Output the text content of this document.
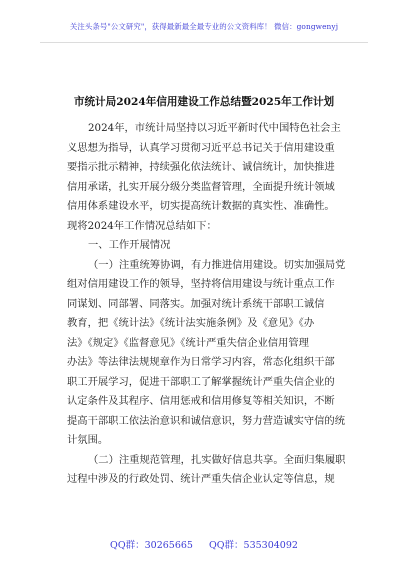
关注头条号"公文研究"，获得最新最全最专业的公文资料库！ 微信：gongwenyj
市统计局2024年信用建设工作总结暨2025年工作计划
2024年，市统计局坚持以习近平新时代中国特色社会主
义思想为指导，认真学习贯彻习近平总书记关于信用建设重
要指示批示精神，持续强化依法统计、诚信统计，加快推进
信用承诺，扎实开展分级分类监督管理，全面提升统计领域
信用体系建设水平，切实提高统计数据的真实性、准确性。
现将2024年工作情况总结如下：
一、工作开展情况
（一）注重统筹协调，有力推进信用建设。切实加强局党
组对信用建设工作的领导，坚持将信用建设与统计重点工作
同谋划、同部署、同落实。加强对统计系统干部职工诚信
教育，把《统计法》《统计法实施条例》及《意见》《办
法》《规定》《监督意见》《统计严重失信企业信用管理
办法》等法律法规规章作为日常学习内容，常态化组织干部
职工开展学习，促进干部职工了解掌握统计严重失信企业的
认定条件及其程序、信用惩戒和信用修复等相关知识，不断
提高干部职工依法治意识和诚信意识，努力营造诚实守信的统
计氛围。
（二）注重规范管理，扎实做好信息共享。全面归集履职
过程中涉及的行政处罚、统计严重失信企业认定等信息，规
QQ群：30265665 QQ群：535304092
